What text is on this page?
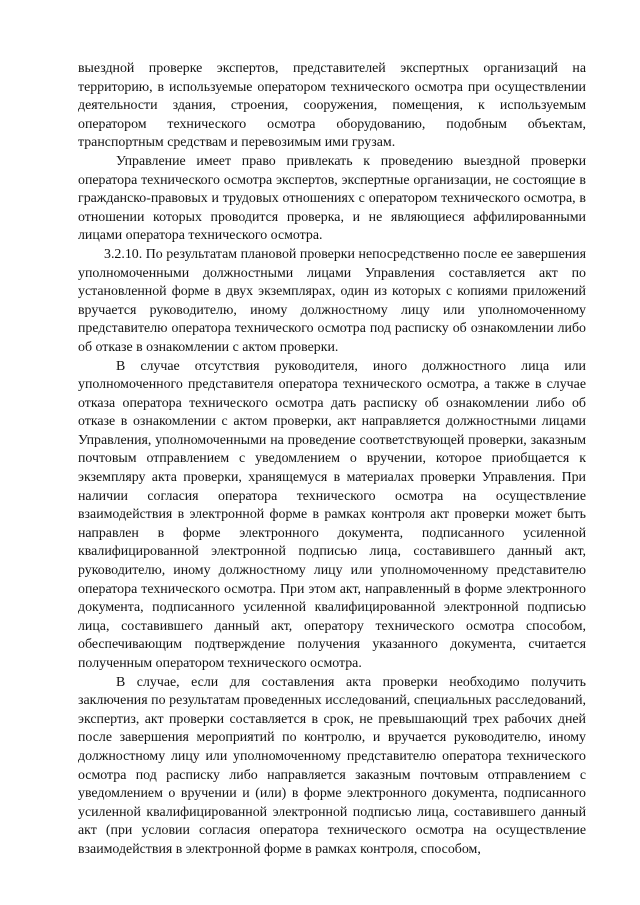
выездной проверке экспертов, представителей экспертных организаций на территорию, в используемые оператором технического осмотра при осуществлении деятельности здания, строения, сооружения, помещения, к используемым оператором технического осмотра оборудованию, подобным объектам, транспортным средствам и перевозимым ими грузам.

Управление имеет право привлекать к проведению выездной проверки оператора технического осмотра экспертов, экспертные организации, не состоящие в гражданско-правовых и трудовых отношениях с оператором технического осмотра, в отношении которых проводится проверка, и не являющиеся аффилированными лицами оператора технического осмотра.

3.2.10. По результатам плановой проверки непосредственно после ее завершения уполномоченными должностными лицами Управления составляется акт по установленной форме в двух экземплярах, один из которых с копиями приложений вручается руководителю, иному должностному лицу или уполномоченному представителю оператора технического осмотра под расписку об ознакомлении либо об отказе в ознакомлении с актом проверки.

В случае отсутствия руководителя, иного должностного лица или уполномоченного представителя оператора технического осмотра, а также в случае отказа оператора технического осмотра дать расписку об ознакомлении либо об отказе в ознакомлении с актом проверки, акт направляется должностными лицами Управления, уполномоченными на проведение соответствующей проверки, заказным почтовым отправлением с уведомлением о вручении, которое приобщается к экземпляру акта проверки, хранящемуся в материалах проверки Управления. При наличии согласия оператора технического осмотра на осуществление взаимодействия в электронной форме в рамках контроля акт проверки может быть направлен в форме электронного документа, подписанного усиленной квалифицированной электронной подписью лица, составившего данный акт, руководителю, иному должностному лицу или уполномоченному представителю оператора технического осмотра. При этом акт, направленный в форме электронного документа, подписанного усиленной квалифицированной электронной подписью лица, составившего данный акт, оператору технического осмотра способом, обеспечивающим подтверждение получения указанного документа, считается полученным оператором технического осмотра.

В случае, если для составления акта проверки необходимо получить заключения по результатам проведенных исследований, специальных расследований, экспертиз, акт проверки составляется в срок, не превышающий трех рабочих дней после завершения мероприятий по контролю, и вручается руководителю, иному должностному лицу или уполномоченному представителю оператора технического осмотра под расписку либо направляется заказным почтовым отправлением с уведомлением о вручении и (или) в форме электронного документа, подписанного усиленной квалифицированной электронной подписью лица, составившего данный акт (при условии согласия оператора технического осмотра на осуществление взаимодействия в электронной форме в рамках контроля, способом,
